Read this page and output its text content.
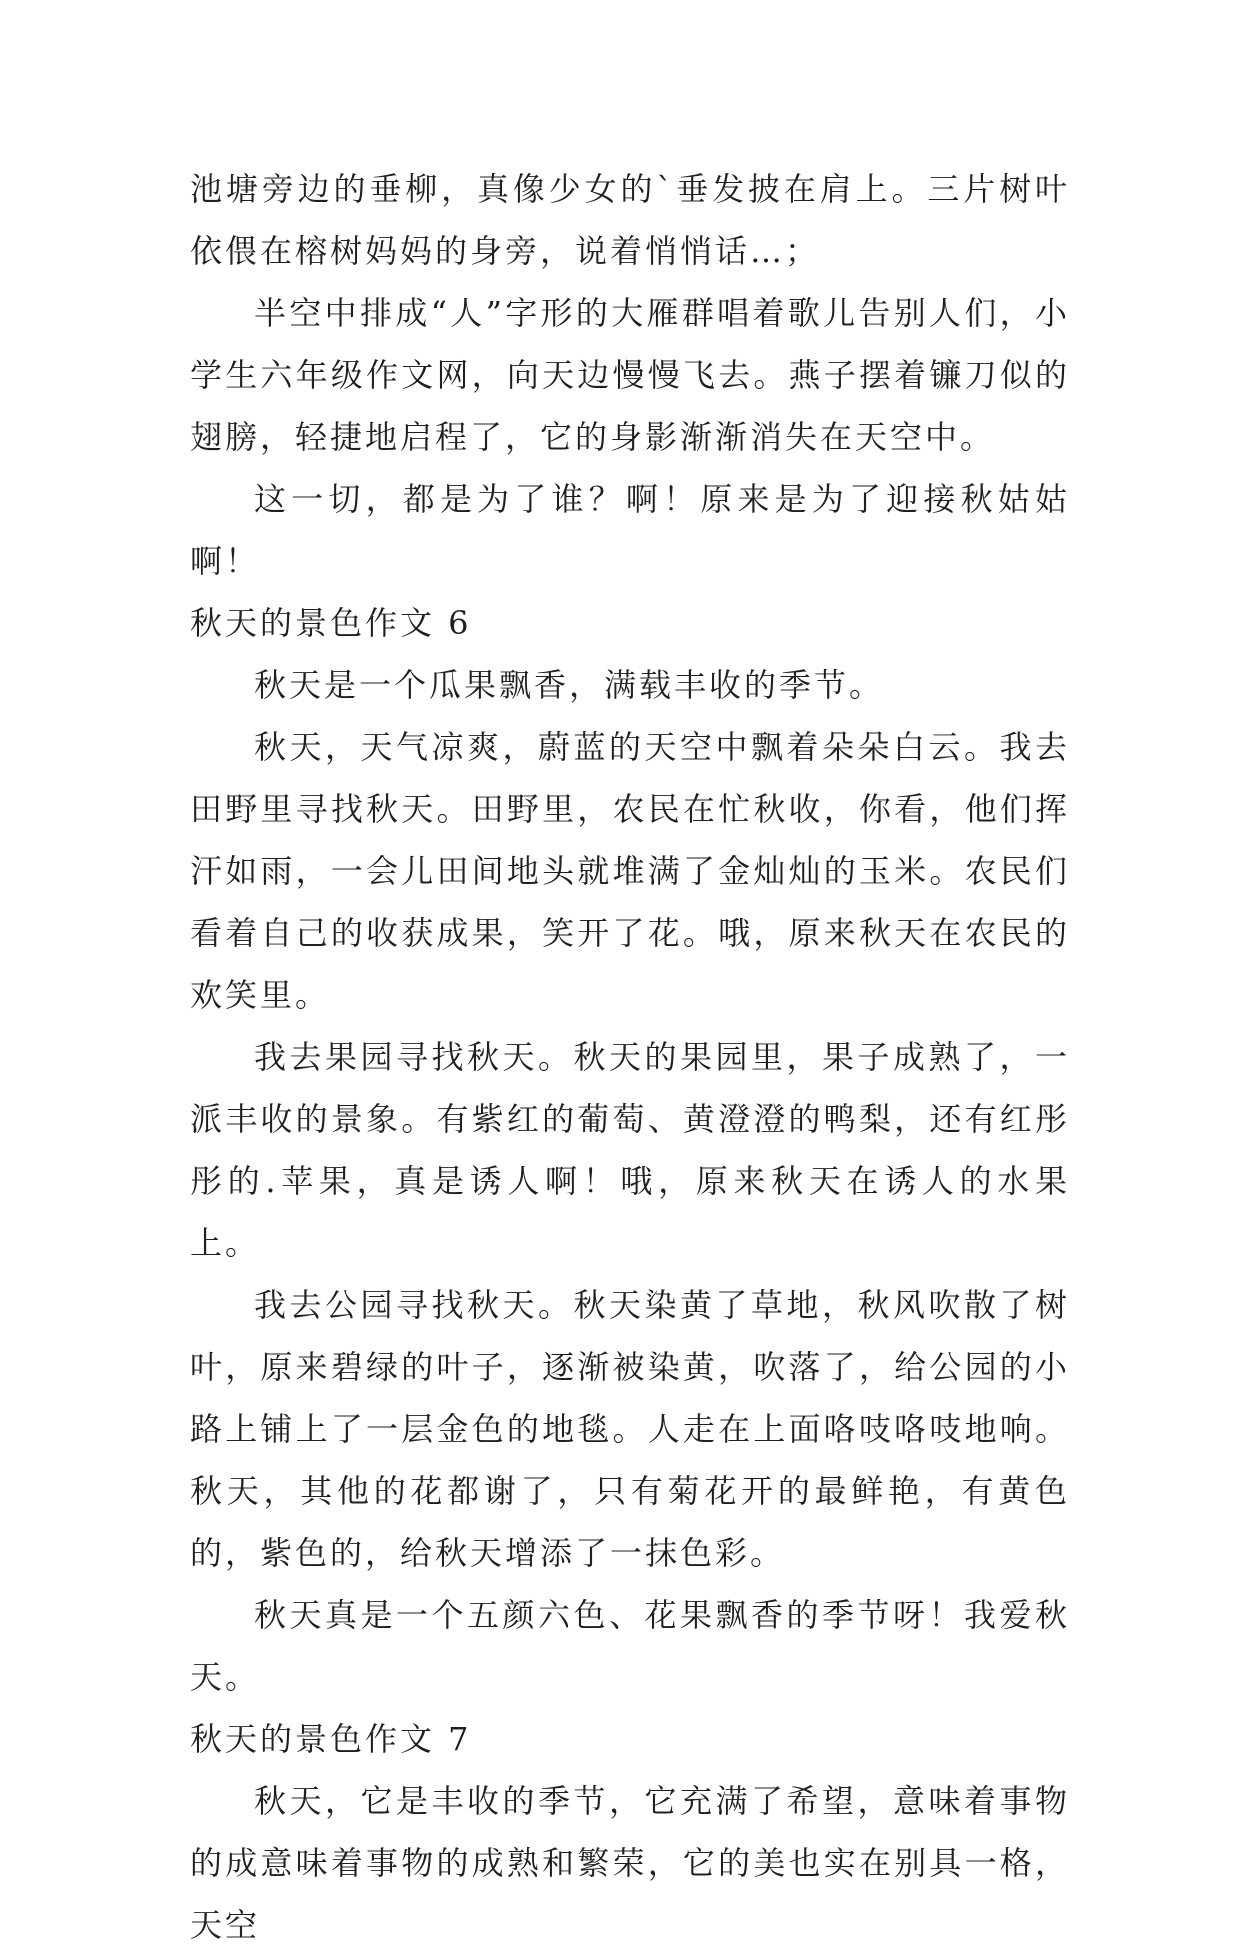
池塘旁边的垂柳，真像少女的`垂发披在肩上。三片树叶依偎在榕树妈妈的身旁，说着悄悄话…；

半空中排成“人”字形的大雁群唱着歌儿告别人们，小学生六年级作文网，向天边慢慢飞去。燕子摆着镰刀似的翅膀，轻捷地启程了，它的身影渐渐消失在天空中。

这一切，都是为了谁？啊！原来是为了迎接秋姑姑啊！

秋天的景色作文 6

秋天是一个瓜果飘香，满载丰收的季节。

秋天，天气凉爽，蔚蓝的天空中飘着朵朵白云。我去田野里寻找秋天。田野里，农民在忙秋收，你看，他们挥汗如雨，一会儿田间地头就堆满了金灿灿的玉米。农民们看着自己的收获成果，笑开了花。哦，原来秋天在农民的欢笑里。

我去果园寻找秋天。秋天的果园里，果子成熟了，一派丰收的景象。有紫红的葡萄、黄澄澄的鸭梨，还有红彤彤的.苹果，真是诱人啊！哦，原来秋天在诱人的水果上。

我去公园寻找秋天。秋天染黄了草地，秋风吹散了树叶，原来碧绿的叶子，逐渐被染黄，吹落了，给公园的小路上铺上了一层金色的地毯。人走在上面咯吱咯吱地响。秋天，其他的花都谢了，只有菊花开的最鲜艳，有黄色的，紫色的，给秋天增添了一抹色彩。

秋天真是一个五颜六色、花果飘香的季节呀！我爱秋天。

秋天的景色作文 7

秋天，它是丰收的季节，它充满了希望，意味着事物的成意味着事物的成熟和繁荣，它的美也实在别具一格，天空
